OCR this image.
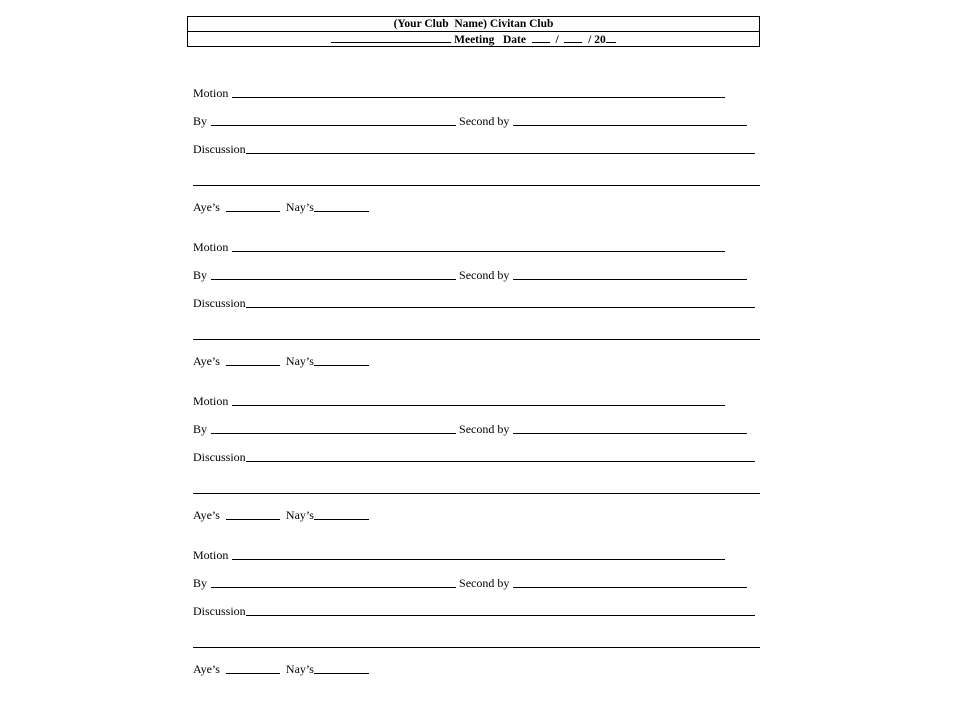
(Your Club  Name) Civitan Club
Meeting   Date	/	/ 20
Motion
By	Second by
Discussion
Aye’s	Nay’s
Motion
By	Second by
Discussion
Aye’s	Nay’s
Motion
By	Second by
Discussion
Aye’s	Nay’s
Motion
By	Second by
Discussion
Aye’s	Nay’s
